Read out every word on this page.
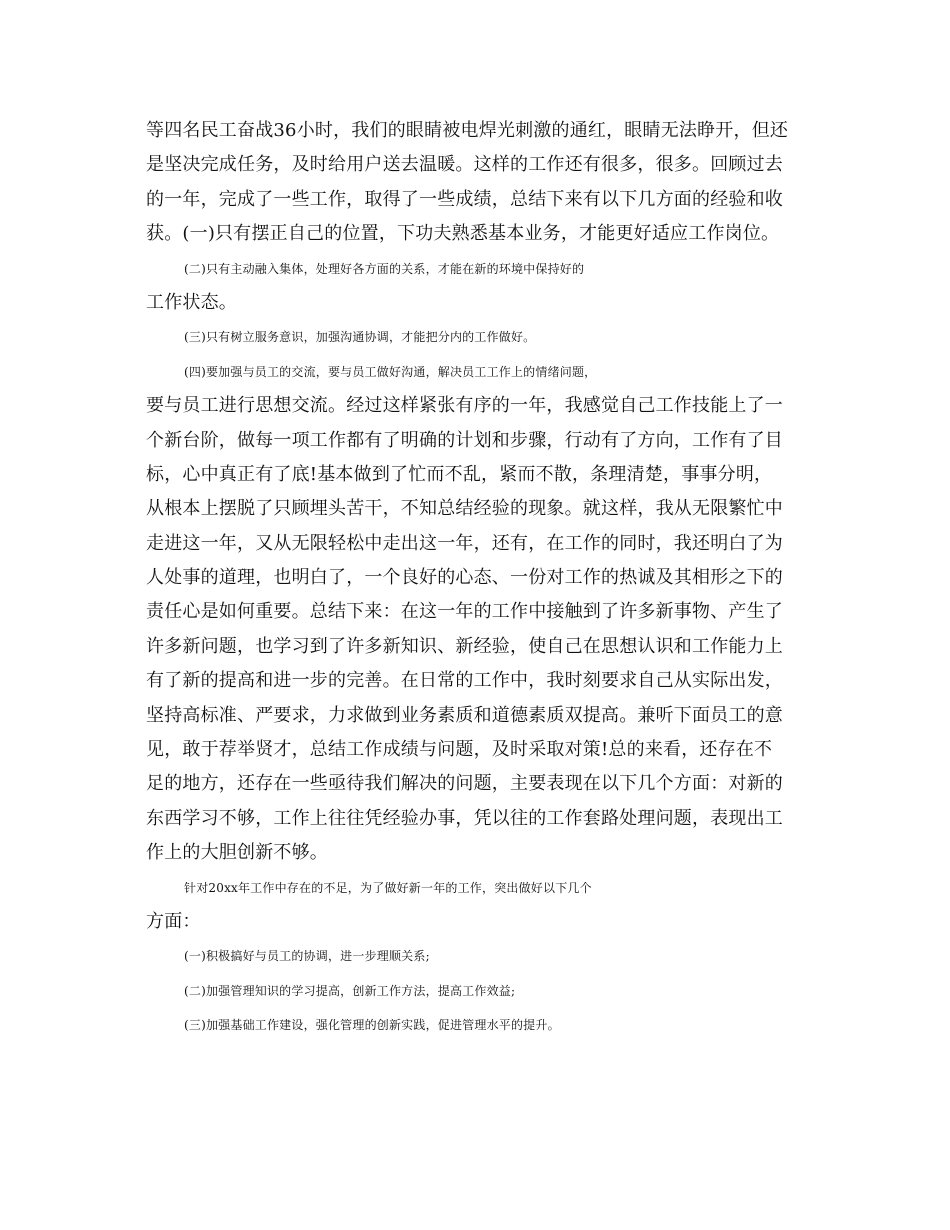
等四名民工奋战36小时，我们的眼睛被电焊光刺激的通红，眼睛无法睁开，但还
是坚决完成任务，及时给用户送去温暖。这样的工作还有很多，很多。回顾过去
的一年，完成了一些工作，取得了一些成绩，总结下来有以下几方面的经验和收
获。(一)只有摆正自己的位置，下功夫熟悉基本业务，才能更好适应工作岗位。
(二)只有主动融入集体，处理好各方面的关系，才能在新的环境中保持好的
工作状态。
(三)只有树立服务意识，加强沟通协调，才能把分内的工作做好。
(四)要加强与员工的交流，要与员工做好沟通，解决员工工作上的情绪问题，
要与员工进行思想交流。经过这样紧张有序的一年，我感觉自己工作技能上了一
个新台阶，做每一项工作都有了明确的计划和步骤，行动有了方向，工作有了目
标，心中真正有了底!基本做到了忙而不乱，紧而不散，条理清楚，事事分明，
从根本上摆脱了只顾埋头苦干，不知总结经验的现象。就这样，我从无限繁忙中
走进这一年，又从无限轻松中走出这一年，还有，在工作的同时，我还明白了为
人处事的道理，也明白了，一个良好的心态、一份对工作的热诚及其相形之下的
责任心是如何重要。总结下来：在这一年的工作中接触到了许多新事物、产生了
许多新问题，也学习到了许多新知识、新经验，使自己在思想认识和工作能力上
有了新的提高和进一步的完善。在日常的工作中，我时刻要求自己从实际出发，
坚持高标准、严要求，力求做到业务素质和道德素质双提高。兼听下面员工的意
见，敢于荐举贤才，总结工作成绩与问题，及时采取对策!总的来看，还存在不
足的地方，还存在一些亟待我们解决的问题，主要表现在以下几个方面：对新的
东西学习不够，工作上往往凭经验办事，凭以往的工作套路处理问题，表现出工
作上的大胆创新不够。
针对20xx年工作中存在的不足，为了做好新一年的工作，突出做好以下几个
方面：
(一)积极搞好与员工的协调，进一步理顺关系;
(二)加强管理知识的学习提高，创新工作方法，提高工作效益;
(三)加强基础工作建设，强化管理的创新实践，促进管理水平的提升。
